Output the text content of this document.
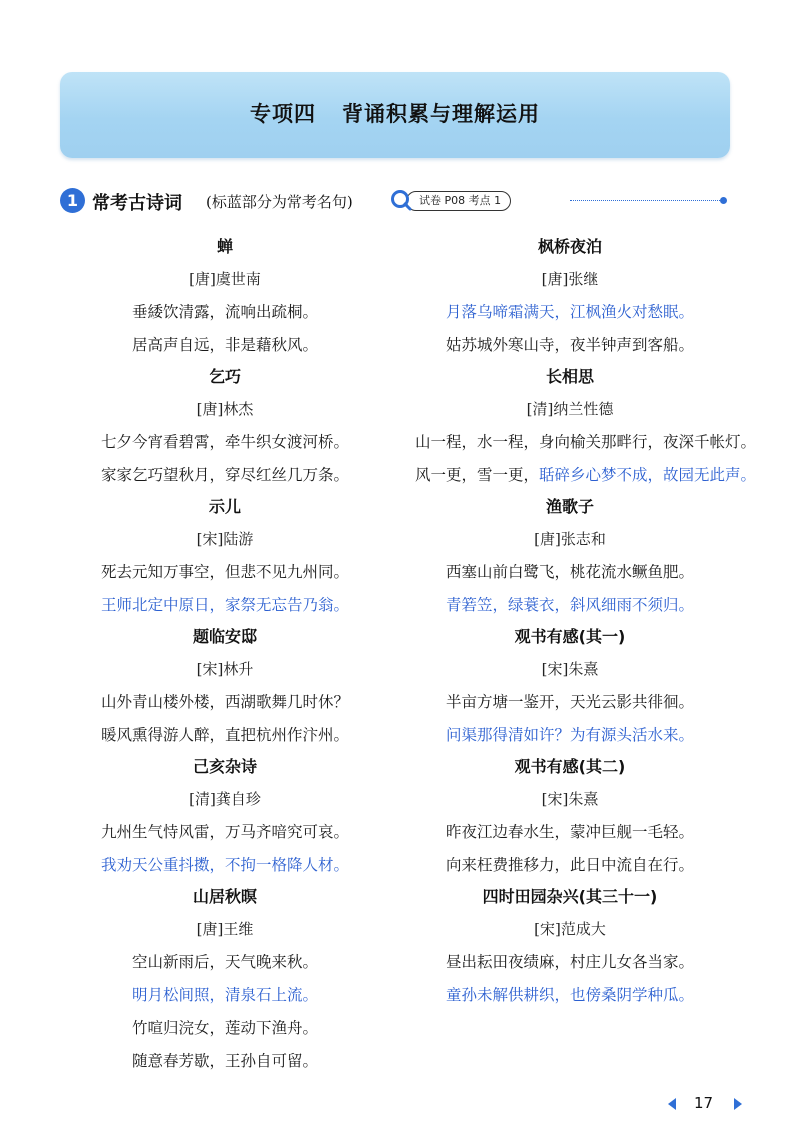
专项四 背诵积累与理解运用
1 常考古诗词 (标蓝部分为常考名句)	试卷 P08 考点 1
蝉
[唐]虞世南
垂緌饮清露，流响出疏桐。
居高声自远，非是藉秋风。
乞巧
[唐]林杰
七夕今宵看碧霄，牵牛织女渡河桥。
家家乞巧望秋月，穿尽红丝几万条。
示儿
[宋]陆游
死去元知万事空，但悲不见九州同。
王师北定中原日，家祭无忘告乃翁。
题临安邸
[宋]林升
山外青山楼外楼，西湖歌舞几时休？
暖风熏得游人醉，直把杭州作汴州。
己亥杂诗
[清]龚自珍
九州生气恃风雷，万马齐喑究可哀。
我劝天公重抖擞，不拘一格降人材。
山居秋暝
[唐]王维
空山新雨后，天气晚来秋。
明月松间照，清泉石上流。
竹喧归浣女，莲动下渔舟。
随意春芳歇，王孙自可留。
枫桥夜泊
[唐]张继
月落乌啼霜满天，江枫渔火对愁眠。
姑苏城外寒山寺，夜半钟声到客船。
长相思
[清]纳兰性德
山一程，水一程，身向榆关那畔行，夜深千帐灯。
风一更，雪一更，聒碎乡心梦不成，故园无此声。
渔歌子
[唐]张志和
西塞山前白鹭飞，桃花流水鳜鱼肥。
青箬笠，绿蓑衣，斜风细雨不须归。
观书有感(其一)
[宋]朱熹
半亩方塘一鉴开，天光云影共徘徊。
问渠那得清如许？为有源头活水来。
观书有感(其二)
[宋]朱熹
昨夜江边春水生，蒙冲巨舰一毛轻。
向来枉费推移力，此日中流自在行。
四时田园杂兴(其三十一)
[宋]范成大
昼出耘田夜绩麻，村庄儿女各当家。
童孙未解供耕织，也傍桑阴学种瓜。
17
